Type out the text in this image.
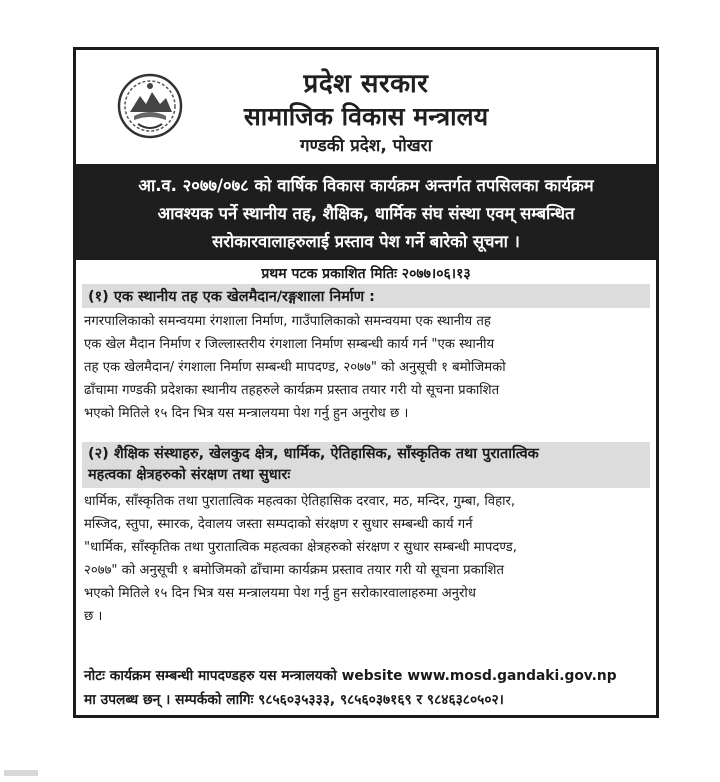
प्रदेश सरकार
सामाजिक विकास मन्त्रालय
गण्डकी प्रदेश, पोखरा
आ.व. २०७७/०७८ को वार्षिक विकास कार्यक्रम अन्तर्गत तपसिलका कार्यक्रम
आवश्यक पर्ने स्थानीय तह, शैक्षिक, धार्मिक संघ संस्था एवम् सम्बन्धित
सरोकारवालाहरुलाई प्रस्ताव पेश गर्ने बारेको सूचना ।
प्रथम पटक प्रकाशित मितिः २०७७।०६।१३
(१) एक स्थानीय तह एक खेलमैदान/रङ्गशाला निर्माण :
नगरपालिकाको समन्वयमा रंगशाला निर्माण, गाउँपालिकाको समन्वयमा एक स्थानीय तह
एक खेल मैदान निर्माण र जिल्लास्तरीय रंगशाला निर्माण सम्बन्धी कार्य गर्न "एक स्थानीय
तह एक खेलमैदान/ रंगशाला निर्माण सम्बन्धी मापदण्ड, २०७७" को अनुसूची १ बमोजिमको
ढाँचामा गण्डकी प्रदेशका स्थानीय तहहरुले कार्यक्रम प्रस्ताव तयार गरी यो सूचना प्रकाशित
भएको मितिले १५ दिन भित्र यस मन्त्रालयमा पेश गर्नु हुन अनुरोध छ ।
(२) शैक्षिक संस्थाहरु, खेलकुद क्षेत्र, धार्मिक, ऐतिहासिक, साँस्कृतिक तथा पुरातात्विक
महत्वका क्षेत्रहरुको संरक्षण तथा सुधारः
धार्मिक, साँस्कृतिक तथा पुरातात्विक महत्वका ऐतिहासिक दरवार, मठ, मन्दिर, गुम्बा, विहार,
मस्जिद, स्तुपा, स्मारक, देवालय जस्ता सम्पदाको संरक्षण र सुधार सम्बन्धी कार्य गर्न
"धार्मिक, साँस्कृतिक तथा पुरातात्विक महत्वका क्षेत्रहरुको संरक्षण र सुधार सम्बन्धी मापदण्ड,
२०७७" को अनुसूची १ बमोजिमको ढाँचामा कार्यक्रम प्रस्ताव तयार गरी यो सूचना प्रकाशित
भएको मितिले १५ दिन भित्र यस मन्त्रालयमा पेश गर्नु हुन सरोकारवालाहरुमा अनुरोध
छ ।
नोटः कार्यक्रम सम्बन्धी मापदण्डहरु यस मन्त्रालयको website www.mosd.gandaki.gov.np
मा उपलब्ध छन् । सम्पर्कको लागिः ९८५६०३५३३३, ९८५६०३७१६९ र ९८४६३८०५०२।
